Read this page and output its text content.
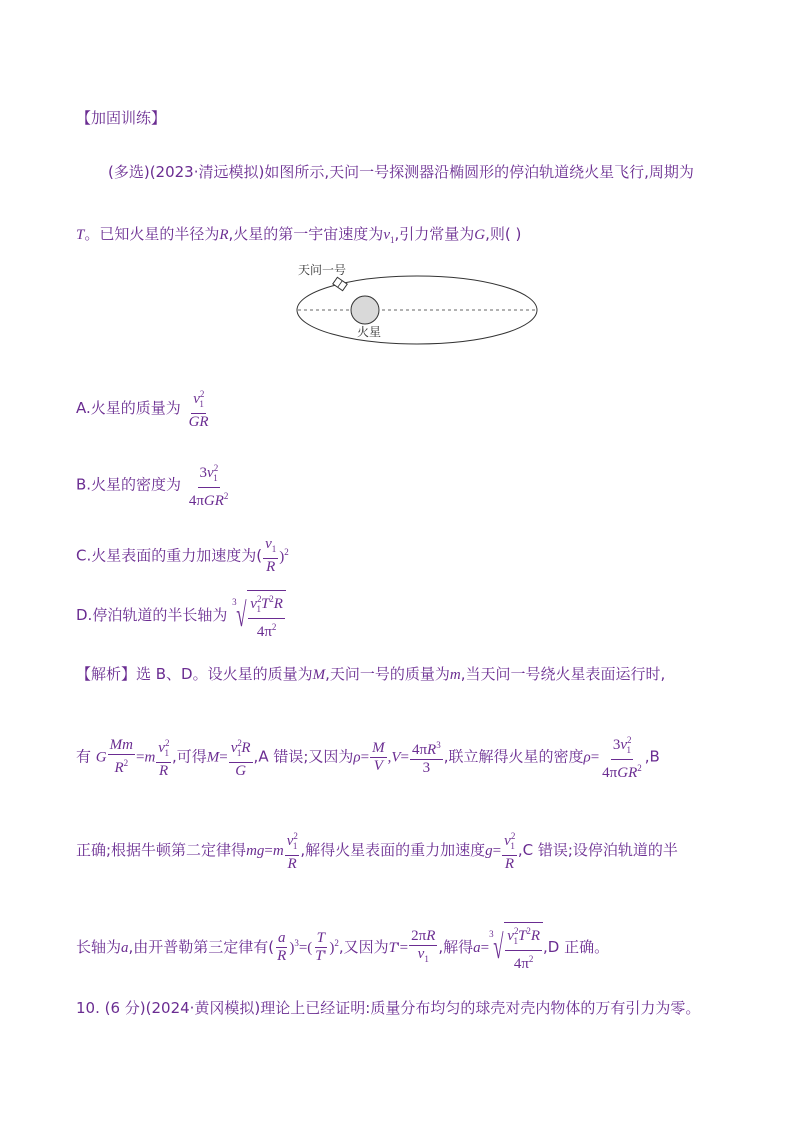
【加固训练】
(多选)(2023·清远模拟)如图所示,天问一号探测器沿椭圆形的停泊轨道绕火星飞行,周期为
T。已知火星的半径为R,火星的第一宇宙速度为$v_1$,引力常量为G,则( )
天问一号
火星
A.火星的质量为 $\frac{v^2_1}{GR}$
B.火星的密度为 $\frac{3v^2_1}{4\pi GR^2}$
C.火星表面的重力加速度为( $\frac{v_1}{R} )^2$
D.停泊轨道的半长轴为
3 √ $\frac{v^2_1T^2R}{4\pi^2}$
【解析】选 B、D。设火星的质量为M,天问一号的质量为m,当天问一号绕火星表面运行时,
有 G $\frac{Mm}{R^2} =m \frac{v^2_1}{R}$ ,可得$M= \frac{v^2_1R}{G} ,A$ 错误;又因为$\rho= \frac{M}{V} ,V= \frac{4\pi R^3}{3}$ ,联立解得火星的密度$\rho= \frac{3v^2_1}{4\pi GR^2} ,B$
正确;根据牛顿第二定律得$mg=m \frac{v^2_1}{R}$ ,解得火星表面的重力加速度$g= \frac{v^2_1}{R} ,C$ 错误;设停泊轨道的半
长轴为a,由开普勒第三定律有( $\frac{a}{R} )^3=( \frac{T}{T'} )^2$,又因为$T'= \frac{2\pi R}{v_1}$ ,解得a=
3 √ $\frac{v^2_1T^2R}{4\pi^2} ,D$ 正确。
10. (6 分)(2024·黄冈模拟)理论上已经证明:质量分布均匀的球壳对壳内物体的万有引力为零。
